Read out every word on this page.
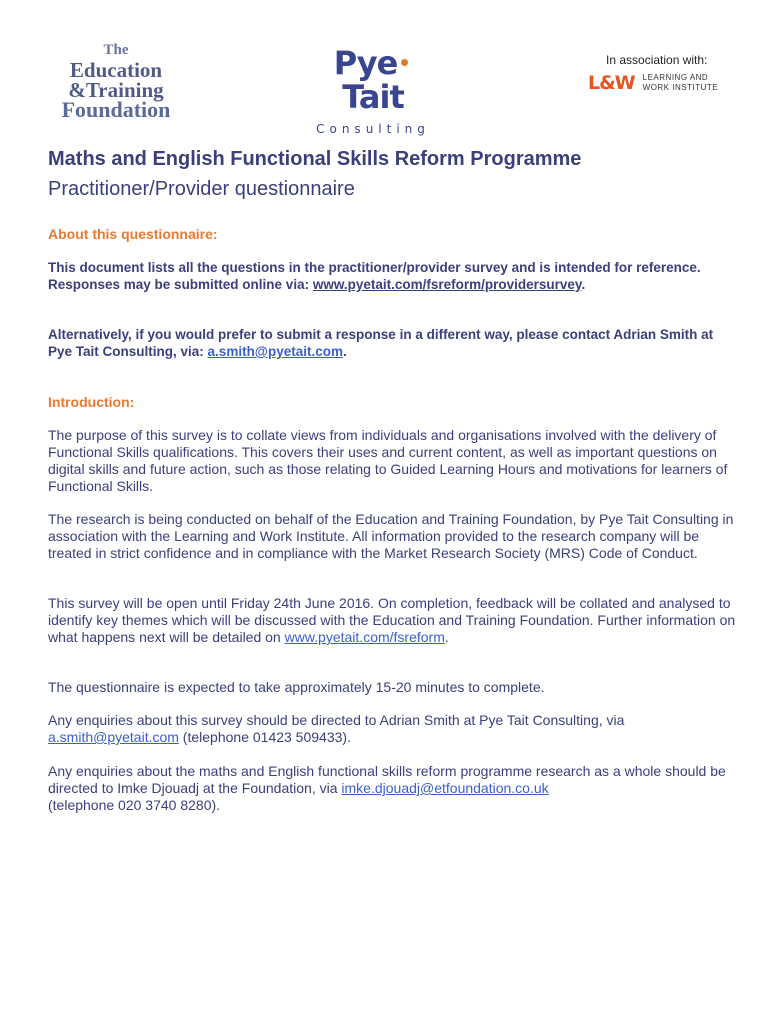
The
Education
&Training
Foundation
PyeTait
Consulting
In association with:
L&W LEARNING AND
WORK INSTITUTE
Maths and English Functional Skills Reform Programme
Practitioner/Provider questionnaire
About this questionnaire:
This document lists all the questions in the practitioner/provider survey and is intended for reference. Responses may be submitted online via: www.pyetait.com/fsreform/providersurvey.
Alternatively, if you would prefer to submit a response in a different way, please contact Adrian Smith at Pye Tait Consulting, via: a.smith@pyetait.com.
Introduction:
The purpose of this survey is to collate views from individuals and organisations involved with the delivery of Functional Skills qualifications. This covers their uses and current content, as well as important questions on digital skills and future action, such as those relating to Guided Learning Hours and motivations for learners of Functional Skills.
The research is being conducted on behalf of the Education and Training Foundation, by Pye Tait Consulting in association with the Learning and Work Institute. All information provided to the research company will be treated in strict confidence and in compliance with the Market Research Society (MRS) Code of Conduct.
This survey will be open until Friday 24th June 2016. On completion, feedback will be collated and analysed to identify key themes which will be discussed with the Education and Training Foundation. Further information on what happens next will be detailed on www.pyetait.com/fsreform.
The questionnaire is expected to take approximately 15-20 minutes to complete.
Any enquiries about this survey should be directed to Adrian Smith at Pye Tait Consulting, via a.smith@pyetait.com (telephone 01423 509433).
Any enquiries about the maths and English functional skills reform programme research as a whole should be directed to Imke Djouadj at the Foundation, via imke.djouadj@etfoundation.co.uk
(telephone 020 3740 8280).
